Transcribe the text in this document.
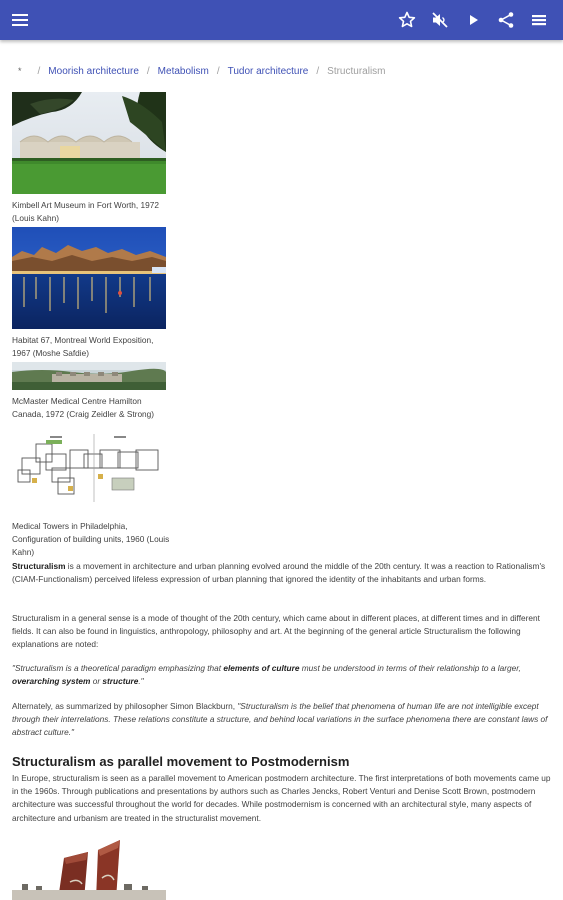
* / Moorish architecture / Metabolism / Tudor architecture / Structuralism
Kimbell Art Museum in Fort Worth, 1972 (Louis Kahn)
Habitat 67, Montreal World Exposition, 1967 (Moshe Safdie)
McMaster Medical Centre Hamilton Canada, 1972 (Craig Zeidler & Strong)
Medical Towers in Philadelphia, Configuration of building units, 1960 (Louis Kahn)
Structuralism is a movement in architecture and urban planning evolved around the middle of the 20th century. It was a reaction to Rationalism's (CIAM-Functionalism) perceived lifeless expression of urban planning that ignored the identity of the inhabitants and urban forms.
Structuralism in a general sense is a mode of thought of the 20th century, which came about in different places, at different times and in different fields. It can also be found in linguistics, anthropology, philosophy and art. At the beginning of the general article Structuralism the following explanations are noted:
"Structuralism is a theoretical paradigm emphasizing that elements of culture must be understood in terms of their relationship to a larger, overarching system or structure."
Alternately, as summarized by philosopher Simon Blackburn, "Structuralism is the belief that phenomena of human life are not intelligible except through their interrelations. These relations constitute a structure, and behind local variations in the surface phenomena there are constant laws of abstract culture."
Structuralism as parallel movement to Postmodernism
In Europe, structuralism is seen as a parallel movement to American postmodern architecture. The first interpretations of both movements came up in the 1960s. Through publications and presentations by authors such as Charles Jencks, Robert Venturi and Denise Scott Brown, postmodern architecture was successful throughout the world for decades. While postmodernism is concerned with an architectural style, many aspects of architecture and urbanism are treated in the structuralist movement.
